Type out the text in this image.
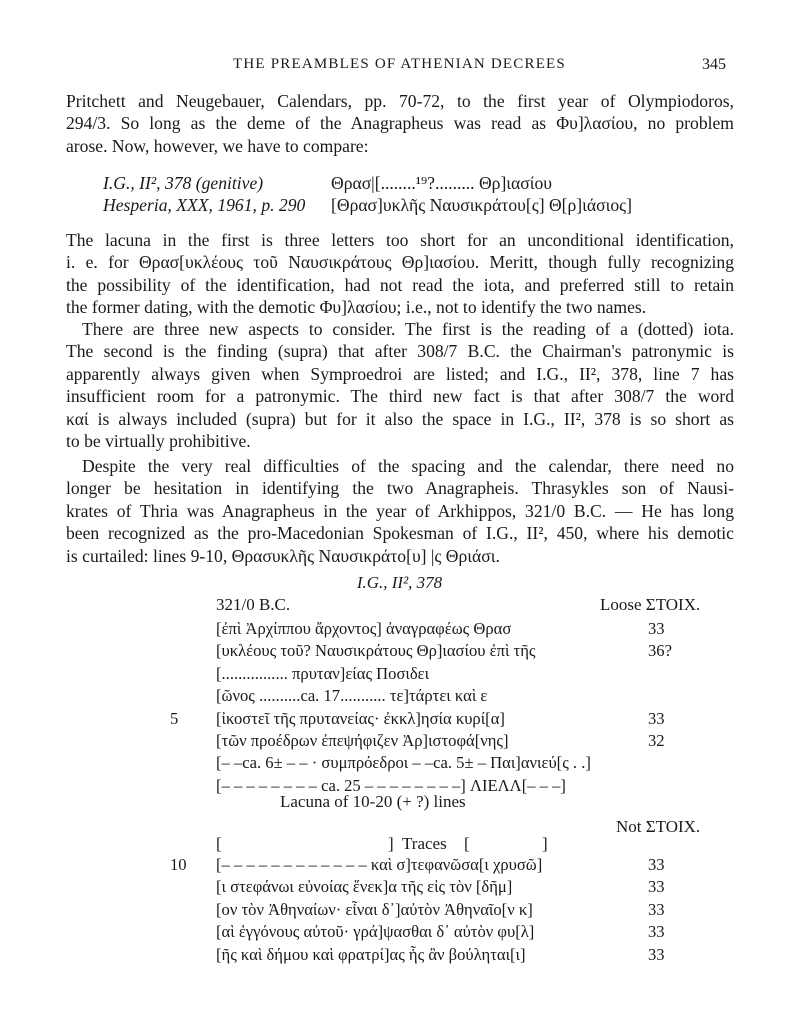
THE PREAMBLES OF ATHENIAN DECREES	345
Pritchett and Neugebauer, Calendars, pp. 70-72, to the first year of Olympiodoros,
294/3. So long as the deme of the Anagrapheus was read as Φυ]λασίου, no problem
arose. Now, however, we have to compare:
I.G., II², 378 (genitive)	Θρασ|[........¹⁹?......... Θρ]ιασίου
Hesperia, XXX, 1961, p. 290	[Θρασ]υκλῆς Ναυσικράτου[ς] Θ[ρ]ιάσιος]
The lacuna in the first is three letters too short for an unconditional identification,
i. e. for Θρασ[υκλέους τοῦ Ναυσικράτους Θρ]ιασίου. Meritt, though fully recognizing
the possibility of the identification, had not read the iota, and preferred still to retain
the former dating, with the demotic Φυ]λασίου; i.e., not to identify the two names.
There are three new aspects to consider. The first is the reading of a (dotted) iota.
The second is the finding (supra) that after 308/7 B.C. the Chairman's patronymic is
apparently always given when Symproedroi are listed; and I.G., II², 378, line 7 has
insufficient room for a patronymic. The third new fact is that after 308/7 the word
καί is always included (supra) but for it also the space in I.G., II², 378 is so short as
to be virtually prohibitive.
Despite the very real difficulties of the spacing and the calendar, there need no
longer be hesitation in identifying the two Anagrapheis. Thrasykles son of Nausi-
krates of Thria was Anagrapheus in the year of Arkhippos, 321/0 B.C. — He has long
been recognized as the pro-Macedonian Spokesman of I.G., II², 450, where his demotic
is curtailed: lines 9-10, Θρασυκλῆς Ναυσικράτο[υ] |ς Θριάσι.
I.G., II², 378
321/0 B.C.	Loose ΣΤΟΙΧ.
[ἐπὶ Ἀρχίππου ἄρχοντος] ἀναγραφέως Θρασ	33
[υκλέους τοῦ? Ναυσικράτους Θρ]ιασίου ἐπὶ τῆς	36?
[................ πρυταν]είας Ποσιδει
[ῶνος ..........ca. 17........... τε]τάρτει καὶ ε
5	[ἰκοστεῖ τῆς πρυτανείας· ἐκκλ]ησία κυρί[α]	33
[τῶν προέδρων ἐπεψήφιζεν Ἀρ]ιστοφά[νης]	32
[– –ca. 6± – – · συμπρόεδροι – –ca. 5± – Παι]ανιεύ[ς . .]
[– – – – – – – – ca. 25 – – – – – – – –] ΛΙΕΛΛ[– – –]
Lacuna of 10-20 (+ ?) lines
Not ΣΤΟΙΧ.
[	] Traces [	]
10	[– – – – – – – – – – – – καὶ σ]τεφανῶσα[ι χρυσῶ]	33
[ι στεφάνωι εὐνοίας ἕνεκ]α τῆς εἰς τὸν [δῆμ]	33
[ον τὸν Ἀθηναίων· εἶναι δ᾽]αὐτὸν Ἀθηναῖο[ν κ]	33
[αὶ ἐγγόνους αὐτοῦ· γρά]ψασθαι δ᾽ αὐτὸν φυ[λ]	33
[ῆς καὶ δήμου καὶ φρατρί]ας ἧς ἂν βούληται[ι]	33
